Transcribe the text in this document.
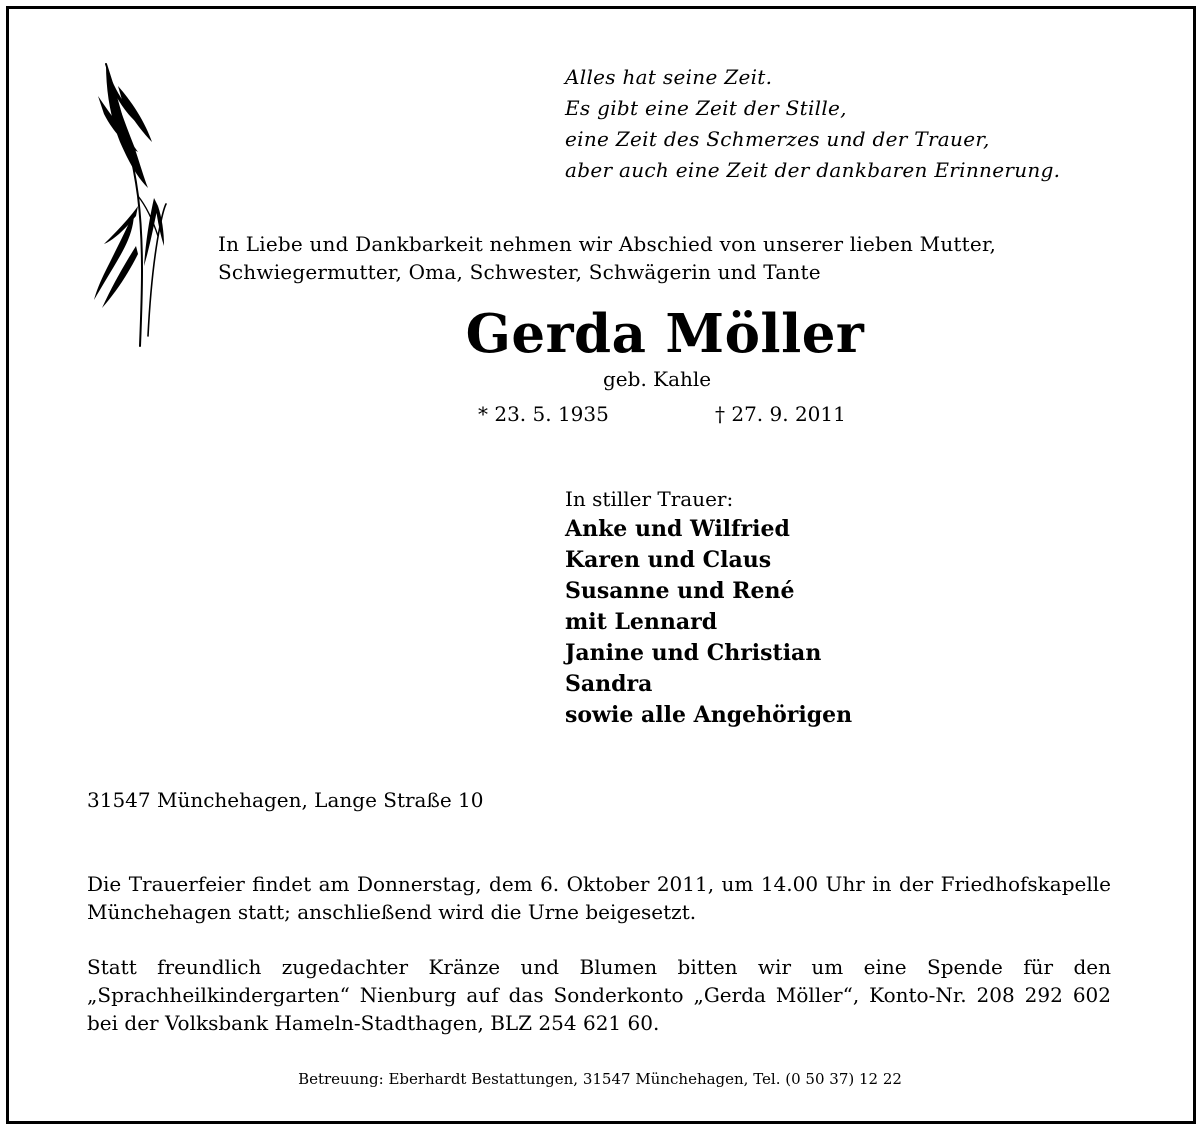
Alles hat seine Zeit.
Es gibt eine Zeit der Stille,
eine Zeit des Schmerzes und der Trauer,
aber auch eine Zeit der dankbaren Erinnerung.
In Liebe und Dankbarkeit nehmen wir Abschied von unserer lieben Mutter,
Schwiegermutter, Oma, Schwester, Schwägerin und Tante
Gerda Möller
geb. Kahle
* 23. 5. 1935	† 27. 9. 2011
In stiller Trauer:
Anke und Wilfried
Karen und Claus
Susanne und René
mit Lennard
Janine und Christian
Sandra
sowie alle Angehörigen
31547 Münchehagen, Lange Straße 10
Die Trauerfeier findet am Donnerstag, dem 6. Oktober 2011, um 14.00 Uhr in der Friedhofskapelle Münchehagen statt; anschließend wird die Urne beigesetzt.
Statt freundlich zugedachter Kränze und Blumen bitten wir um eine Spende für den „Sprachheilkindergarten“ Nienburg auf das Sonderkonto „Gerda Möller“, Konto-Nr. 208 292 602 bei der Volksbank Hameln-Stadthagen, BLZ 254 621 60.
Betreuung: Eberhardt Bestattungen, 31547 Münchehagen, Tel. (0 50 37) 12 22
